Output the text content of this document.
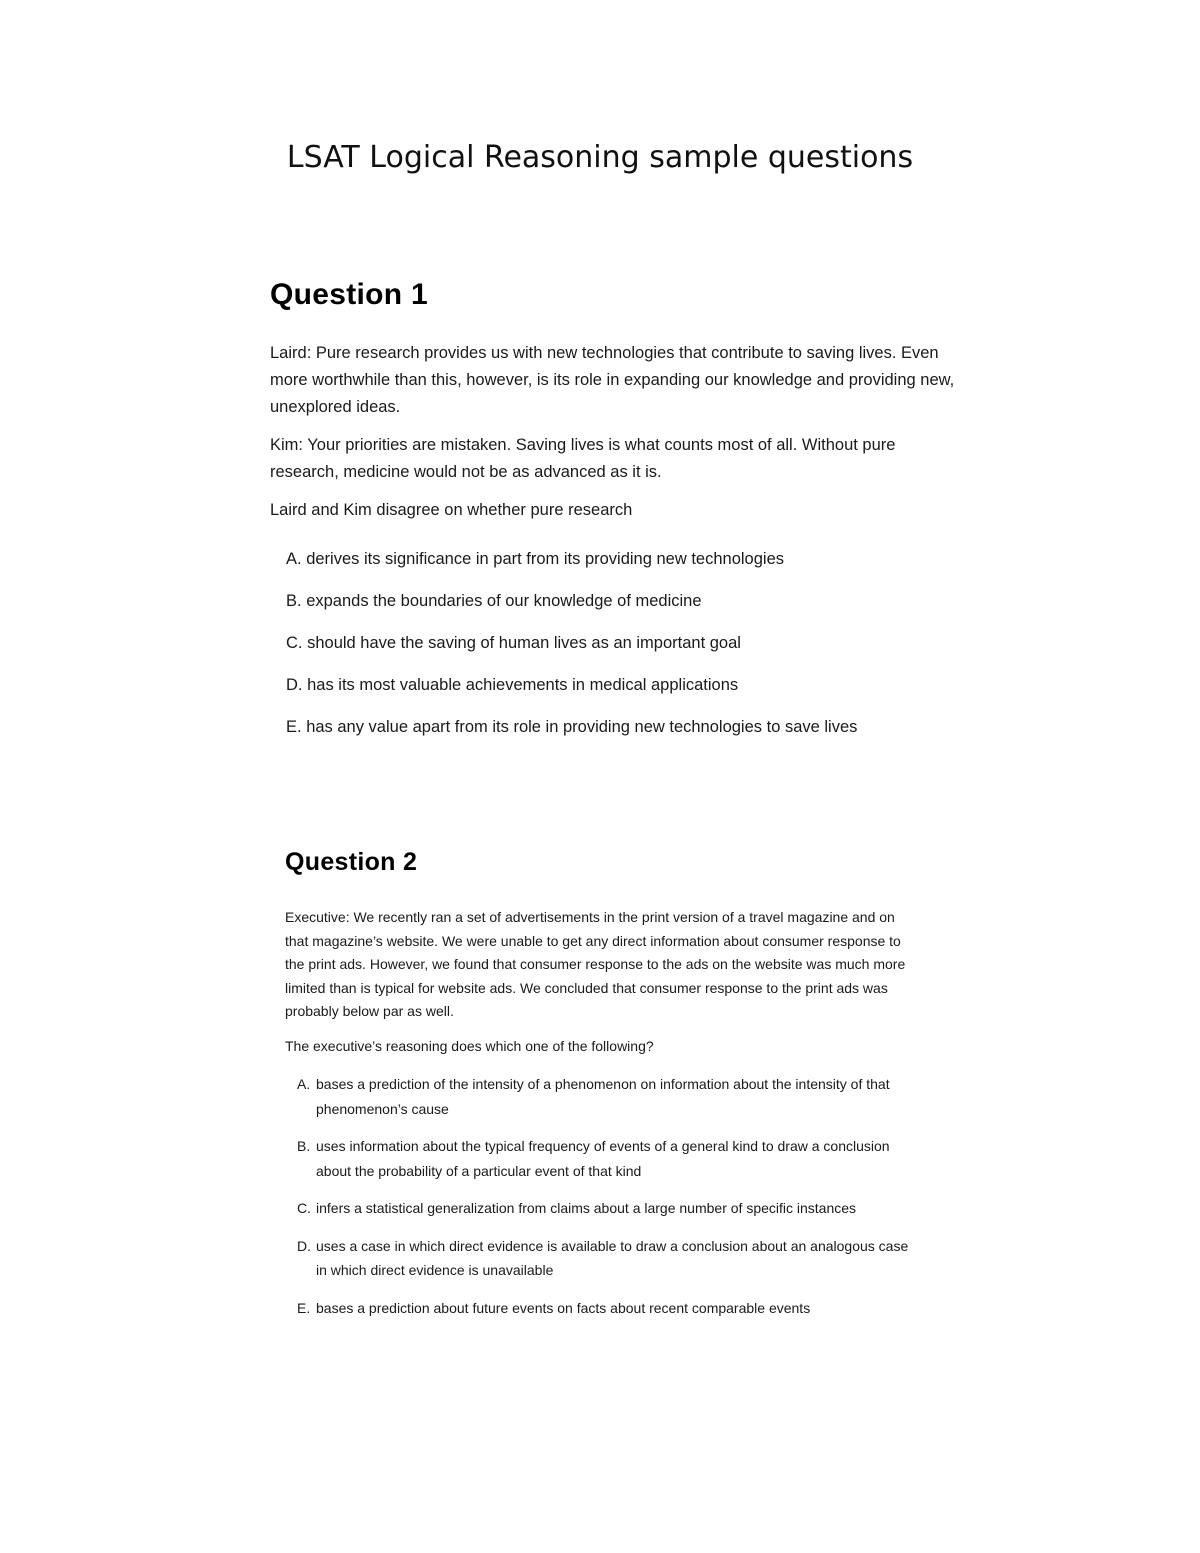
LSAT Logical Reasoning sample questions
Question 1

Laird: Pure research provides us with new technologies that contribute to saving lives. Even more worthwhile than this, however, is its role in expanding our knowledge and providing new, unexplored ideas.

Kim: Your priorities are mistaken. Saving lives is what counts most of all. Without pure research, medicine would not be as advanced as it is.

Laird and Kim disagree on whether pure research

A. derives its significance in part from its providing new technologies
B. expands the boundaries of our knowledge of medicine
C. should have the saving of human lives as an important goal
D. has its most valuable achievements in medical applications
E. has any value apart from its role in providing new technologies to save lives
Question 2

Executive: We recently ran a set of advertisements in the print version of a travel magazine and on that magazine’s website. We were unable to get any direct information about consumer response to the print ads. However, we found that consumer response to the ads on the website was much more limited than is typical for website ads. We concluded that consumer response to the print ads was probably below par as well.

The executive’s reasoning does which one of the following?

A. bases a prediction of the intensity of a phenomenon on information about the intensity of that phenomenon’s cause
B. uses information about the typical frequency of events of a general kind to draw a conclusion about the probability of a particular event of that kind
C. infers a statistical generalization from claims about a large number of specific instances
D. uses a case in which direct evidence is available to draw a conclusion about an analogous case in which direct evidence is unavailable
E. bases a prediction about future events on facts about recent comparable events
